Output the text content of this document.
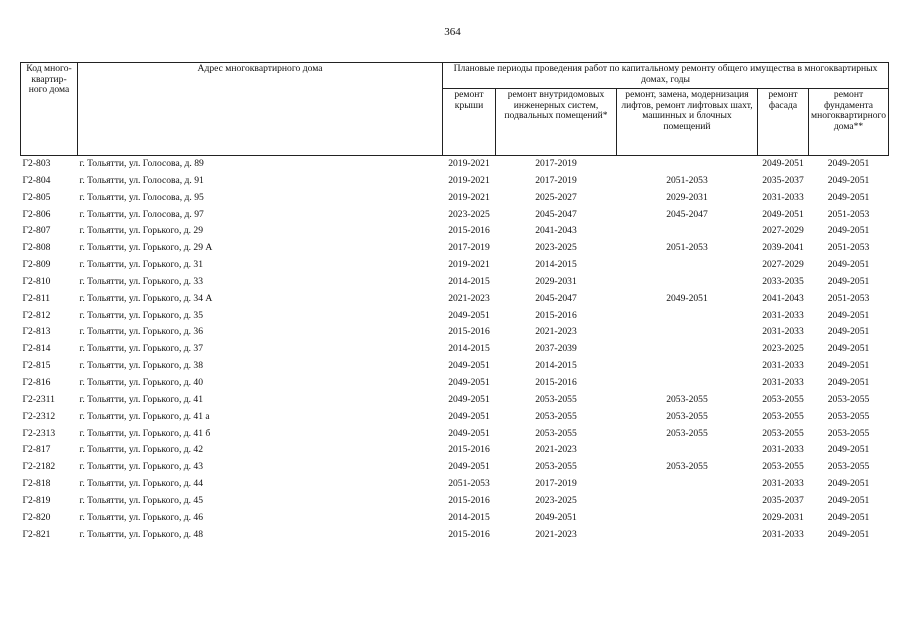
364
Код много-квартир-ного дома	Адрес многоквартирного дома	Плановые периоды проведения работ по капитальному ремонту общего имущества в многоквартирных домах, годы				
		ремонт крыши	ремонт внутридомовых инженерных систем, подвальных помещений*	ремонт, замена, модернизация лифтов, ремонт лифтовых шахт, машинных и блочных помещений	ремонт фасада	ремонт фундамента многоквартирного дома**
Г2-803	г. Тольятти, ул. Голосова, д. 89	2019-2021	2017-2019		2049-2051	2049-2051
Г2-804	г. Тольятти, ул. Голосова, д. 91	2019-2021	2017-2019	2051-2053	2035-2037	2049-2051
Г2-805	г. Тольятти, ул. Голосова, д. 95	2019-2021	2025-2027	2029-2031	2031-2033	2049-2051
Г2-806	г. Тольятти, ул. Голосова, д. 97	2023-2025	2045-2047	2045-2047	2049-2051	2051-2053
Г2-807	г. Тольятти, ул. Горького, д. 29	2015-2016	2041-2043		2027-2029	2049-2051
Г2-808	г. Тольятти, ул. Горького, д. 29 А	2017-2019	2023-2025	2051-2053	2039-2041	2051-2053
Г2-809	г. Тольятти, ул. Горького, д. 31	2019-2021	2014-2015		2027-2029	2049-2051
Г2-810	г. Тольятти, ул. Горького, д. 33	2014-2015	2029-2031		2033-2035	2049-2051
Г2-811	г. Тольятти, ул. Горького, д. 34 А	2021-2023	2045-2047	2049-2051	2041-2043	2051-2053
Г2-812	г. Тольятти, ул. Горького, д. 35	2049-2051	2015-2016		2031-2033	2049-2051
Г2-813	г. Тольятти, ул. Горького, д. 36	2015-2016	2021-2023		2031-2033	2049-2051
Г2-814	г. Тольятти, ул. Горького, д. 37	2014-2015	2037-2039		2023-2025	2049-2051
Г2-815	г. Тольятти, ул. Горького, д. 38	2049-2051	2014-2015		2031-2033	2049-2051
Г2-816	г. Тольятти, ул. Горького, д. 40	2049-2051	2015-2016		2031-2033	2049-2051
Г2-2311	г. Тольятти, ул. Горького, д. 41	2049-2051	2053-2055	2053-2055	2053-2055	2053-2055
Г2-2312	г. Тольятти, ул. Горького, д. 41 а	2049-2051	2053-2055	2053-2055	2053-2055	2053-2055
Г2-2313	г. Тольятти, ул. Горького, д. 41 б	2049-2051	2053-2055	2053-2055	2053-2055	2053-2055
Г2-817	г. Тольятти, ул. Горького, д. 42	2015-2016	2021-2023		2031-2033	2049-2051
Г2-2182	г. Тольятти, ул. Горького, д. 43	2049-2051	2053-2055	2053-2055	2053-2055	2053-2055
Г2-818	г. Тольятти, ул. Горького, д. 44	2051-2053	2017-2019		2031-2033	2049-2051
Г2-819	г. Тольятти, ул. Горького, д. 45	2015-2016	2023-2025		2035-2037	2049-2051
Г2-820	г. Тольятти, ул. Горького, д. 46	2014-2015	2049-2051		2029-2031	2049-2051
Г2-821	г. Тольятти, ул. Горького, д. 48	2015-2016	2021-2023		2031-2033	2049-2051
